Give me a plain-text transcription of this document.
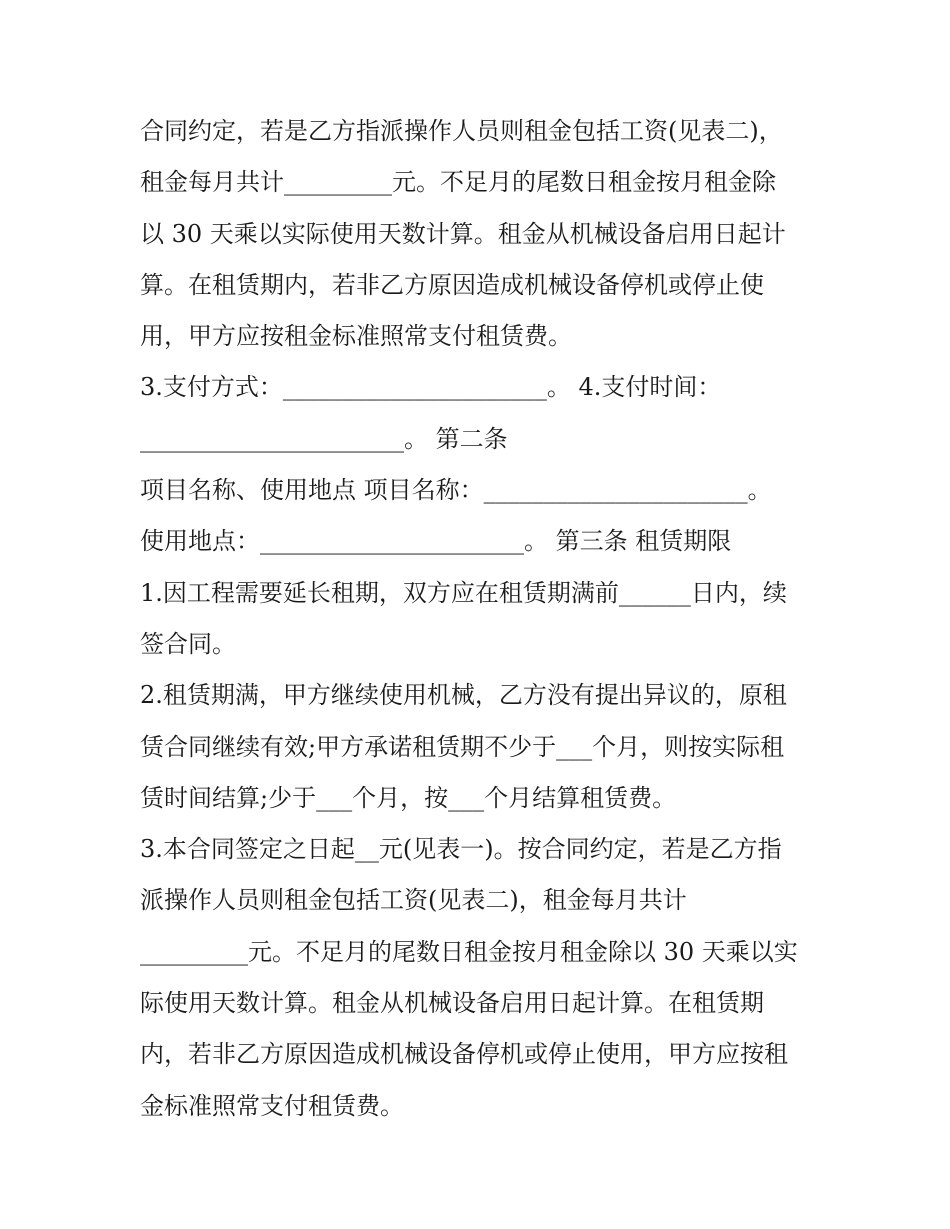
合同约定，若是乙方指派操作人员则租金包括工资(见表二)，
租金每月共计_________元。不足月的尾数日租金按月租金除
以 30 天乘以实际使用天数计算。租金从机械设备启用日起计
算。在租赁期内，若非乙方原因造成机械设备停机或停止使
用，甲方应按租金标准照常支付租赁费。
3.支付方式：______________________。 4.支付时间：
______________________。 第二条
项目名称、使用地点 项目名称：______________________。
使用地点：______________________。 第三条 租赁期限
1.因工程需要延长租期，双方应在租赁期满前______日内，续
签合同。
2.租赁期满，甲方继续使用机械，乙方没有提出异议的，原租
赁合同继续有效;甲方承诺租赁期不少于___个月，则按实际租
赁时间结算;少于___个月，按___个月结算租赁费。
3.本合同签定之日起__元(见表一)。按合同约定，若是乙方指
派操作人员则租金包括工资(见表二)，租金每月共计
_________元。不足月的尾数日租金按月租金除以 30 天乘以实
际使用天数计算。租金从机械设备启用日起计算。在租赁期
内，若非乙方原因造成机械设备停机或停止使用，甲方应按租
金标准照常支付租赁费。
